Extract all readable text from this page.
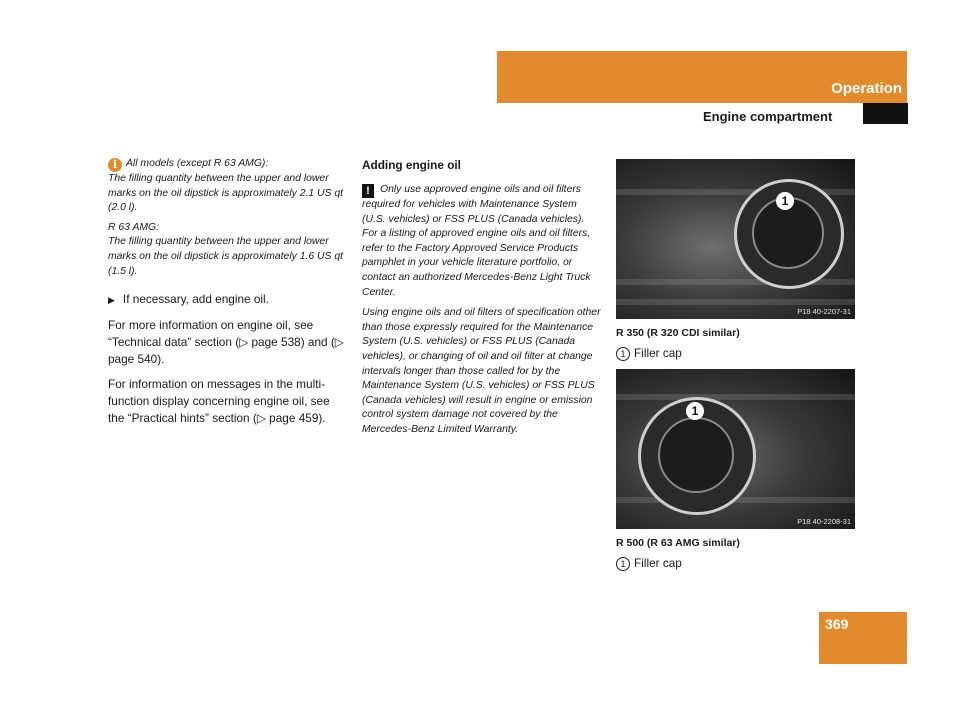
Operation
Engine compartment
i All models (except R 63 AMG):
The filling quantity between the upper and lower marks on the oil dipstick is approximately 2.1 US qt (2.0 l).
R 63 AMG:
The filling quantity between the upper and lower marks on the oil dipstick is approximately 1.6 US qt (1.5 l).
▶ If necessary, add engine oil.
For more information on engine oil, see “Technical data” section (▷ page 538) and (▷ page 540).
For information on messages in the multi-function display concerning engine oil, see the “Practical hints” section (▷ page 459).
Adding engine oil
! Only use approved engine oils and oil filters required for vehicles with Maintenance System (U.S. vehicles) or FSS PLUS (Canada vehicles). For a listing of approved engine oils and oil filters, refer to the Factory Approved Service Products pamphlet in your vehicle literature portfolio, or contact an authorized Mercedes-Benz Light Truck Center.
Using engine oils and oil filters of specification other than those expressly required for the Maintenance System (U.S. vehicles) or FSS PLUS (Canada vehicles), or changing of oil and oil filter at change intervals longer than those called for by the Maintenance System (U.S. vehicles) or FSS PLUS (Canada vehicles) will result in engine or emission control system damage not covered by the Mercedes-Benz Limited Warranty.
1
P18 40-2207-31
R 350 (R 320 CDI similar)
1 Filler cap
1
P18 40-2208-31
R 500 (R 63 AMG similar)
1 Filler cap
369
